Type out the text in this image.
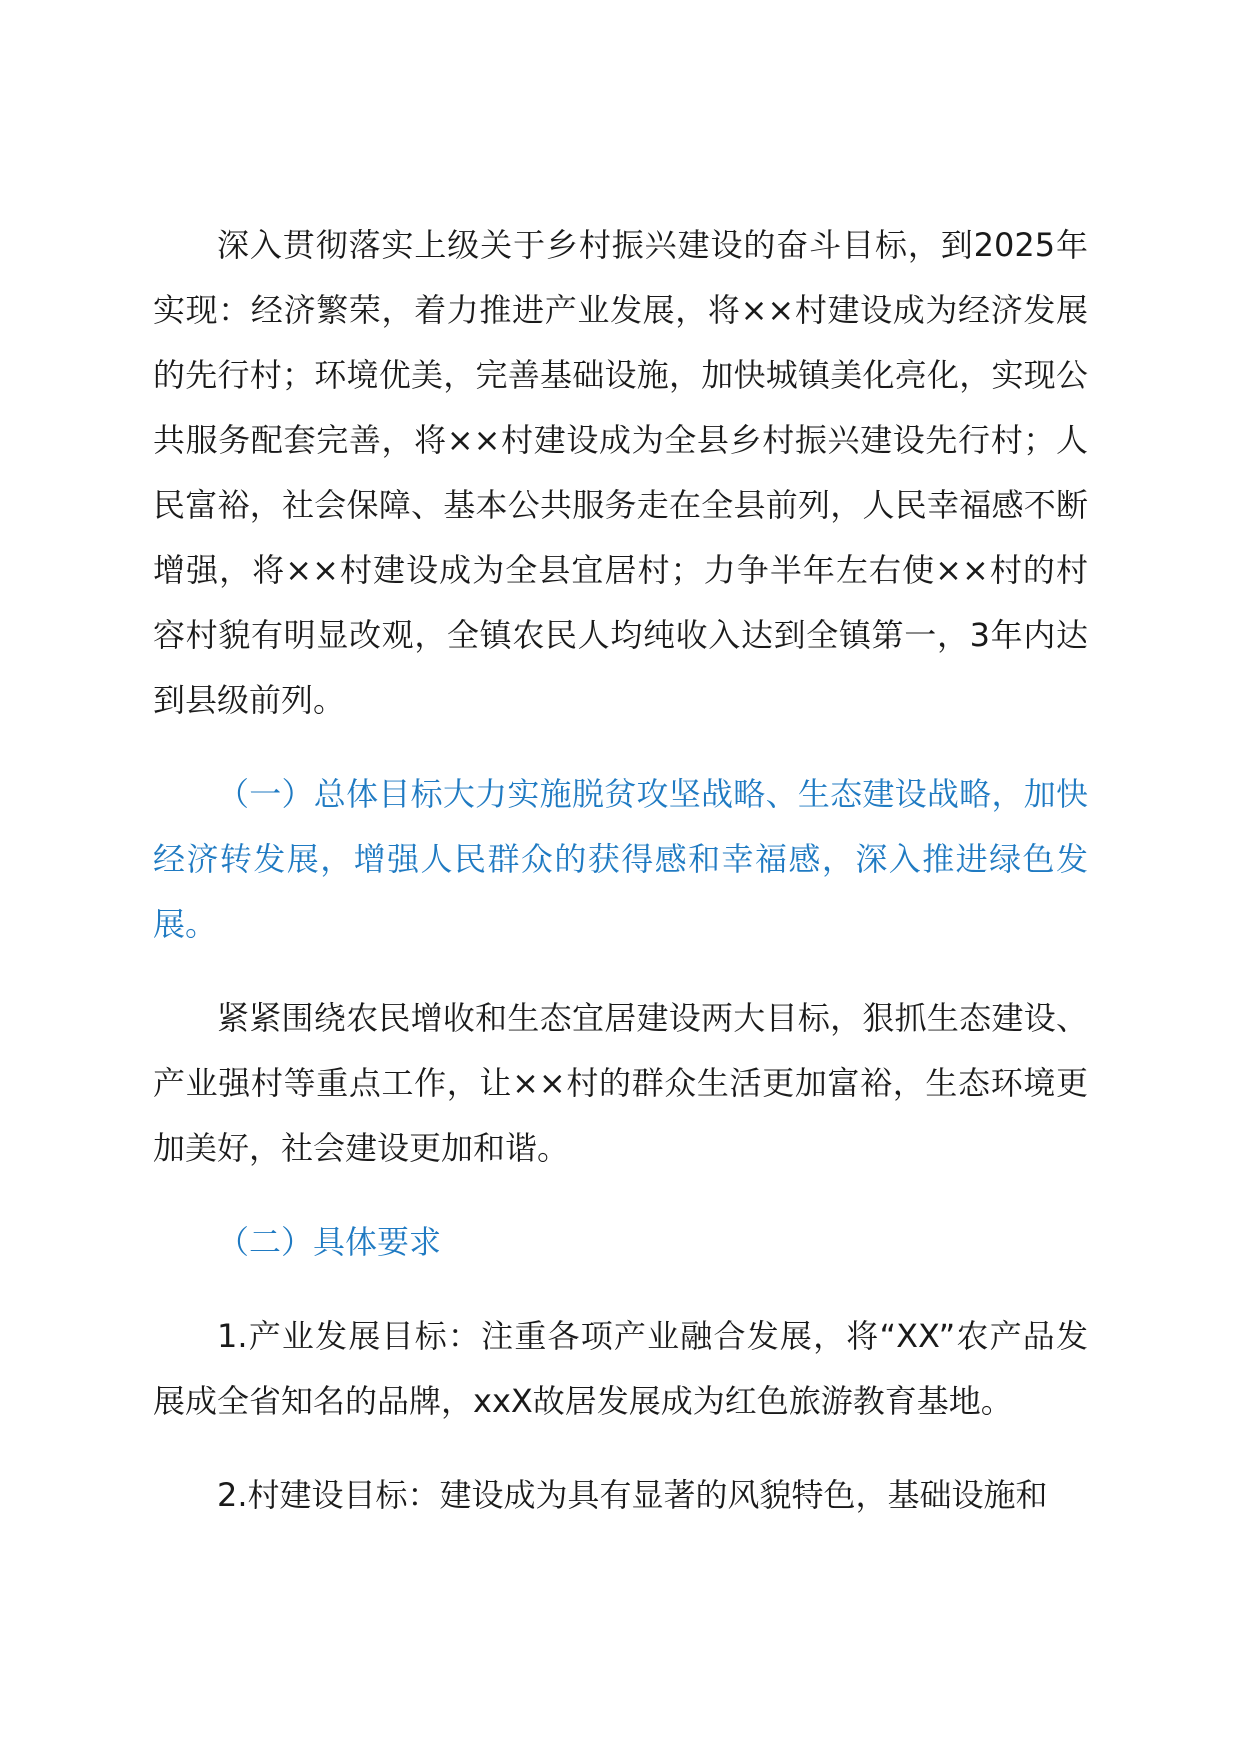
深入贯彻落实上级关于乡村振兴建设的奋斗目标，到2025年实现：经济繁荣，着力推进产业发展，将××村建设成为经济发展的先行村；环境优美，完善基础设施，加快城镇美化亮化，实现公共服务配套完善，将××村建设成为全县乡村振兴建设先行村；人民富裕，社会保障、基本公共服务走在全县前列，人民幸福感不断增强，将××村建设成为全县宜居村；力争半年左右使××村的村容村貌有明显改观，全镇农民人均纯收入达到全镇第一，3年内达到县级前列。

（一）总体目标大力实施脱贫攻坚战略、生态建设战略，加快经济转发展，增强人民群众的获得感和幸福感，深入推进绿色发展。

紧紧围绕农民增收和生态宜居建设两大目标，狠抓生态建设、产业强村等重点工作，让××村的群众生活更加富裕，生态环境更加美好，社会建设更加和谐。

（二）具体要求

1.产业发展目标：注重各项产业融合发展，将“XX”农产品发展成全省知名的品牌，xxX故居发展成为红色旅游教育基地。

2.村建设目标：建设成为具有显著的风貌特色，基础设施和
